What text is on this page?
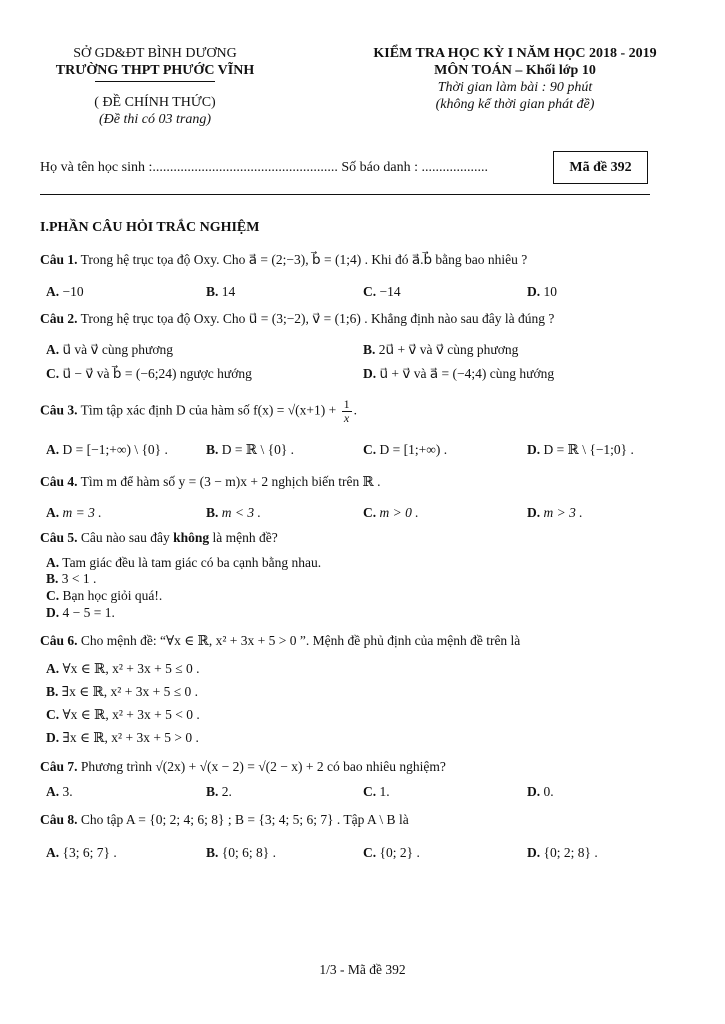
SỞ GD&ĐT BÌNH DƯƠNG
TRƯỜNG THPT PHƯỚC VĨNH
( ĐỀ CHÍNH THỨC)
(Đề thi có 03 trang)
KIỂM TRA HỌC KỲ I NĂM HỌC 2018 - 2019
MÔN TOÁN – Khối lớp 10
Thời gian làm bài : 90 phút
(không kể thời gian phát đề)
Họ và tên học sinh :..................................................... Số báo danh : ...................	Mã đề 392
I.PHẦN CÂU HỎI TRẮC NGHIỆM
Câu 1. Trong hệ trục tọa độ Oxy. Cho a⃗ = (2;−3), b⃗ = (1;4) . Khi đó a⃗.b⃗ bằng bao nhiêu ?
A. −10	B. 14	C. −14	D. 10
Câu 2. Trong hệ trục tọa độ Oxy. Cho u⃗ = (3;−2), v⃗ = (1;6) . Khẳng định nào sau đây là đúng ?
A. u⃗ và v⃗ cùng phương	B. 2u⃗ + v⃗ và v⃗ cùng phương
C. u⃗ − v⃗ và b⃗ = (−6;24) ngược hướng	D. u⃗ + v⃗ và a⃗ = (−4;4) cùng hướng
Câu 3. Tìm tập xác định D của hàm số $f(x) = √(x+1) + \frac{1}{x}$ .
A. D = [−1;+∞) \ {0} .	B. D = ℝ \ {0} .	C. D = [1;+∞) .	D. D = ℝ \ {−1;0} .
Câu 4. Tìm m để hàm số y = (3 − m)x + 2 nghịch biến trên ℝ .
A. m = 3 .	B. m < 3 .	C. m > 0 .	D. m > 3 .
Câu 5. Câu nào sau đây không là mệnh đề?
A. Tam giác đều là tam giác có ba cạnh bằng nhau.
B. 3 < 1 .
C. Bạn học giỏi quá!.
D. 4 − 5 = 1.
Câu 6. Cho mệnh đề: “∀x ∈ ℝ, x² + 3x + 5 > 0 ”. Mệnh đề phủ định của mệnh đề trên là
A. ∀x ∈ ℝ, x² + 3x + 5 ≤ 0 .
B. ∃x ∈ ℝ, x² + 3x + 5 ≤ 0 .
C. ∀x ∈ ℝ, x² + 3x + 5 < 0 .
D. ∃x ∈ ℝ, x² + 3x + 5 > 0 .
Câu 7. Phương trình √(2x) + √(x − 2) = √(2 − x) + 2 có bao nhiêu nghiệm?
A. 3.	B. 2.	C. 1.	D. 0.
Câu 8. Cho tập A = {0; 2; 4; 6; 8} ; B = {3; 4; 5; 6; 7} . Tập A \ B là
A. {3; 6; 7} .	B. {0; 6; 8} .	C. {0; 2} .	D. {0; 2; 8} .
1/3 - Mã đề 392
